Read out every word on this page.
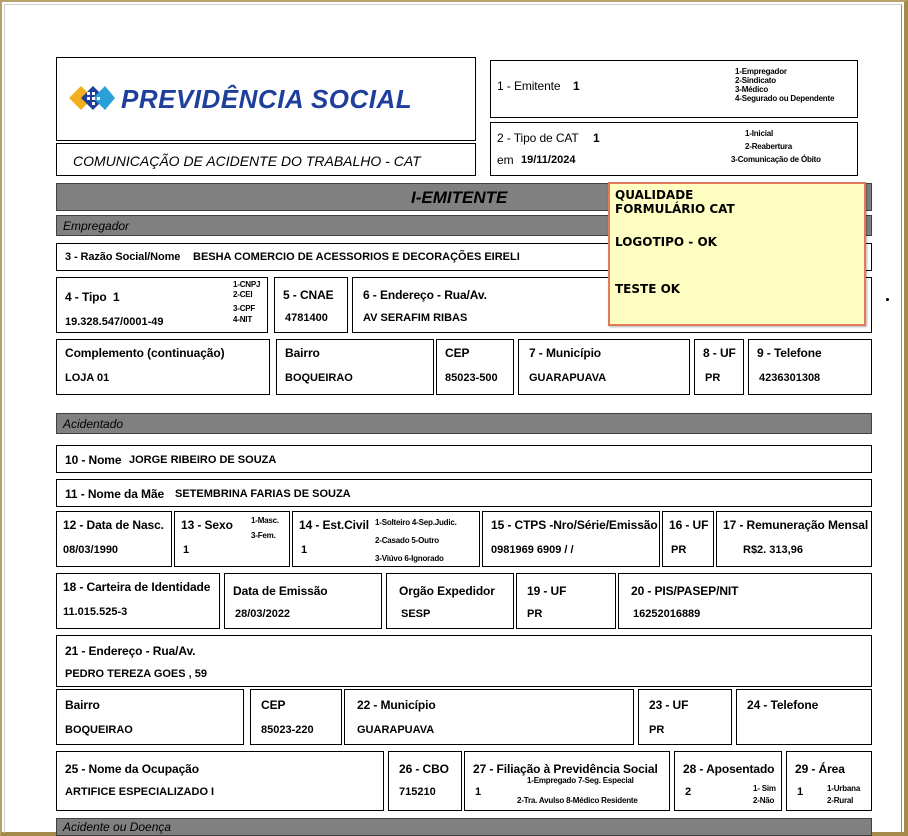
PREVIDÊNCIA SOCIAL
COMUNICAÇÃO DE ACIDENTE DO TRABALHO - CAT
1 - Emitente 1
1-Empregador
2-Sindicato
3-Médico
4-Segurado ou Dependente
2 - Tipo de CAT 1
em 19/11/2024
1-Inicial
2-Reabertura
3-Comunicação de Óbito
I-EMITENTE
Empregador
3 - Razão Social/Nome BESHA COMERCIO DE ACESSORIOS E DECORAÇÕES EIRELI
4 - Tipo 1
1-CNPJ
2-CEI
3-CPF
4-NIT
19.328.547/0001-49
5 - CNAE
4781400
6 - Endereço - Rua/Av.
AV SERAFIM RIBAS
Complemento (continuação)
LOJA 01
Bairro
BOQUEIRAO
CEP
85023-500
7 - Município
GUARAPUAVA
8 - UF
PR
9 - Telefone
4236301308
QUALIDADE
FORMULÁRIO CAT
LOGOTIPO - OK
TESTE OK
Acidentado
10 - Nome JORGE RIBEIRO DE SOUZA
11 - Nome da Mãe SETEMBRINA FARIAS DE SOUZA
12 - Data de Nasc.
08/03/1990
13 - Sexo 1-Masc.
3-Fem.
1
14 - Est.Civil 1-Solteiro 4-Sep.Judic.
2-Casado 5-Outro
3-Viúvo 6-Ignorado
1
15 - CTPS -Nro/Série/Emissão
0981969 6909 / /
16 - UF
PR
17 - Remuneração Mensal
R$2. 313,96
18 - Carteira de Identidade
11.015.525-3
Data de Emissão
28/03/2022
Orgão Expedidor
SESP
19 - UF
PR
20 - PIS/PASEP/NIT
16252016889
21 - Endereço - Rua/Av.
PEDRO TEREZA GOES , 59
Bairro
BOQUEIRAO
CEP
85023-220
22 - Município
GUARAPUAVA
23 - UF
PR
24 - Telefone
25 - Nome da Ocupação
ARTIFICE ESPECIALIZADO I
26 - CBO
715210
27 - Filiação à Previdência Social
1-Empregado 7-Seg. Especial
2-Tra. Avulso 8-Médico Residente
1
28 - Aposentado
2	1- Sim
2-Não
29 - Área
1	1-Urbana
2-Rural
Acidente ou Doença
